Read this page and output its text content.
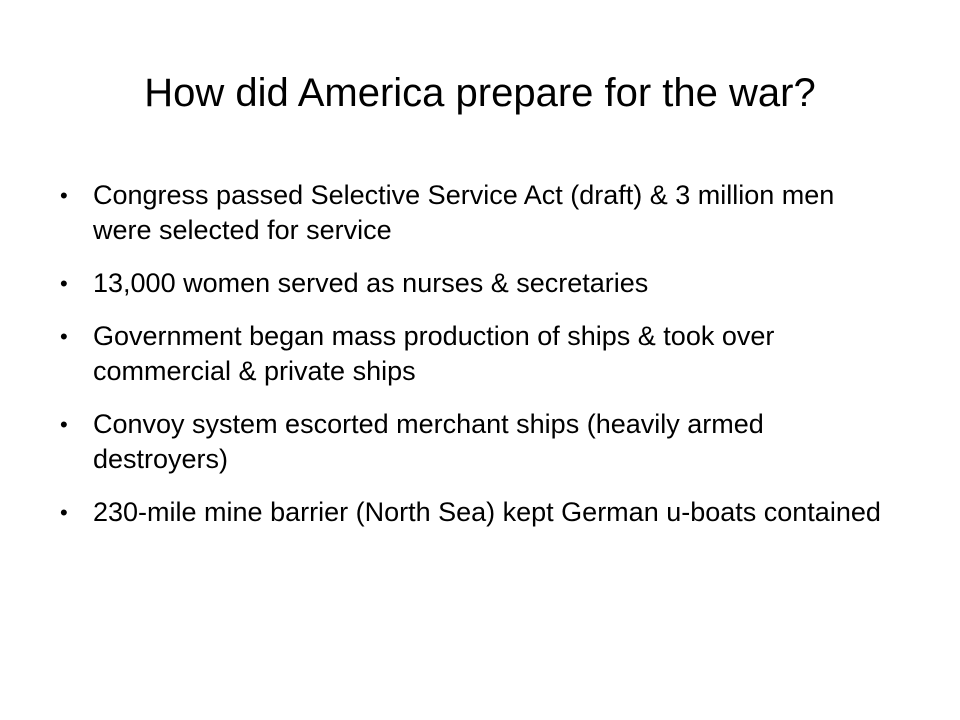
How did America prepare for the war?
• Congress passed Selective Service Act (draft) & 3 million men were selected for service
• 13,000 women served as nurses & secretaries
• Government began mass production of ships & took over commercial & private ships
• Convoy system escorted merchant ships (heavily armed destroyers)
• 230-mile mine barrier (North Sea) kept German u-boats contained
